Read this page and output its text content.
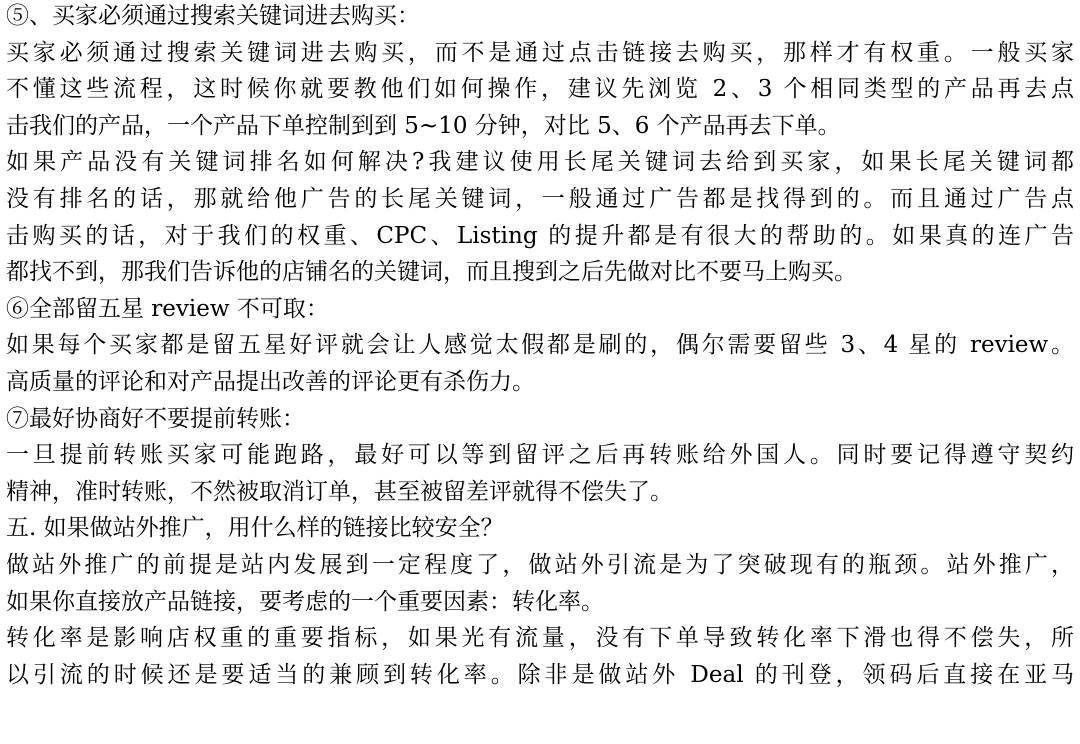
⑤、买家必须通过搜索关键词进去购买：
买家必须通过搜索关键词进去购买，而不是通过点击链接去购买，那样才有权重。一般买家
不懂这些流程，这时候你就要教他们如何操作，建议先浏览 2、3 个相同类型的产品再去点
击我们的产品，一个产品下单控制到到 5~10 分钟，对比 5、6 个产品再去下单。
如果产品没有关键词排名如何解决?我建议使用长尾关键词去给到买家，如果长尾关键词都
没有排名的话，那就给他广告的长尾关键词，一般通过广告都是找得到的。而且通过广告点
击购买的话，对于我们的权重、CPC、Listing 的提升都是有很大的帮助的。如果真的连广告
都找不到，那我们告诉他的店铺名的关键词，而且搜到之后先做对比不要马上购买。
⑥全部留五星 review 不可取：
如果每个买家都是留五星好评就会让人感觉太假都是刷的，偶尔需要留些 3、4 星的 review。
高质量的评论和对产品提出改善的评论更有杀伤力。
⑦最好协商好不要提前转账：
一旦提前转账买家可能跑路，最好可以等到留评之后再转账给外国人。同时要记得遵守契约
精神，准时转账，不然被取消订单，甚至被留差评就得不偿失了。
五. 如果做站外推广，用什么样的链接比较安全？
做站外推广的前提是站内发展到一定程度了，做站外引流是为了突破现有的瓶颈。站外推广，
如果你直接放产品链接，要考虑的一个重要因素：转化率。
转化率是影响店权重的重要指标，如果光有流量，没有下单导致转化率下滑也得不偿失，所
以引流的时候还是要适当的兼顾到转化率。除非是做站外 Deal 的刊登，领码后直接在亚马
